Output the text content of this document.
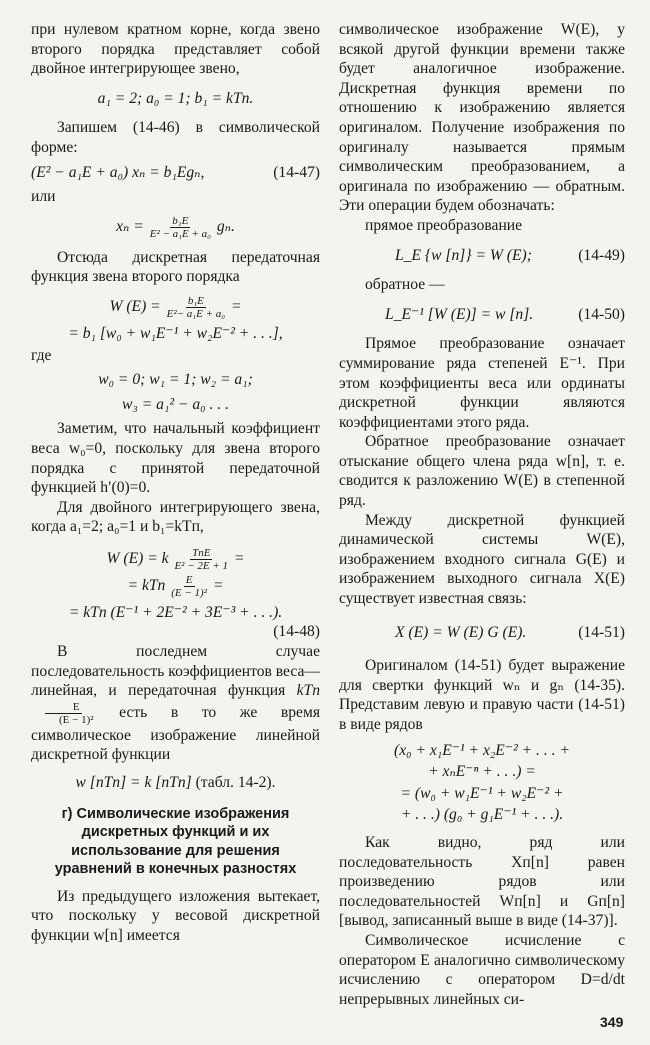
при нулевом кратном корне, когда звено второго порядка представляет собой двойное интегрирующее звено,

a₁ = 2; a₀ = 1; b₁ = kTп.

Запишем (14-46) в символической форме:

(E² − a₁E + a₀) xₙ = b₁Egₙ,	(14-47)

или

$x_n = \frac{\text{b₁E}}{\text{E² − a₁E + a₀}} g_n$.

Отсюда дискретная передаточная функция звена второго порядка

W $(E) = \frac{\text{b₁E}}{\text{E²− a₁E + a₀}}$ =
= b₁ [w₀ + w₁E⁻¹ + w₂E⁻² + . . .],

где

w₀ = 0; w₁ = 1; w₂ = a₁;
w₃ = a₁² − a₀ . . .

Заметим, что начальный коэффициент веса w₀=0, поскольку для звена второго порядка с принятой передаточной функцией h′(0)=0.

Для двойного интегрирующего звена, когда a₁=2; a₀=1 и b₁=kTп,

W (E) = k $\frac{\text{TпE}}{\text{E² − 2E + 1}}$ =
= kTп $\frac{E}{\text{(E − 1)²}}$ =
= kTп (E⁻¹ + 2E⁻² + 3E⁻³ + . . .).
(14-48)

В последнем случае последовательность коэффициентов веса—линейная, и передаточная функция kTп
$\frac{E}{\text{(E − 1)²}}$ есть в то же время символическое изображение линейной дискретной функции

w [nTп] = k [nTп] (табл. 14-2).
г) Символические изображения дискретных функций и их использование для решения уравнений в конечных разностях

Из предыдущего изложения вытекает, что поскольку у весовой дискретной функции w[n] имеется

символическое изображение W(E), у всякой другой функции времени также будет аналогичное изображение. Дискретная функция времени по отношению к изображению является оригиналом. Получение изображения по оригиналу называется прямым символическим преобразованием, а оригинала по изображению — обратным. Эти операции будем обозначать:

прямое преобразование

L_E {w [n]} = W (E);	(14-49)

обратное —

L_E⁻¹ [W (E)] = w [n].	(14-50)

Прямое преобразование означает суммирование ряда степеней E⁻¹. При этом коэффициенты веса или ординаты дискретной функции являются коэффициентами этого ряда.

Обратное преобразование означает отыскание общего члена ряда w[n], т. е. сводится к разложению W(E) в степенной ряд.

Между дискретной функцией динамической системы W(E), изображением входного сигнала G(E) и изображением выходного сигнала X(E) существует известная связь:

X (E) = W (E) G (E).	(14-51)

Оригиналом (14-51) будет выражение для свертки функций wₙ и gₙ (14-35). Представим левую и правую части (14-51) в виде рядов

(x₀ + x₁E⁻¹ + x₂E⁻² + . . . +
+ xₙE⁻ⁿ + . . .) =
= (w₀ + w₁E⁻¹ + w₂E⁻² +
+ . . .) (g₀ + g₁E⁻¹ + . . .).

Как видно, ряд или последовательность Xп[n] равен произведению рядов или последовательностей Wп[n] и Gп[n] [вывод, записанный выше в виде (14-37)].

Символическое исчисление с оператором E аналогично символическому исчислению с оператором D=d/dt непрерывных линейных си-

349
